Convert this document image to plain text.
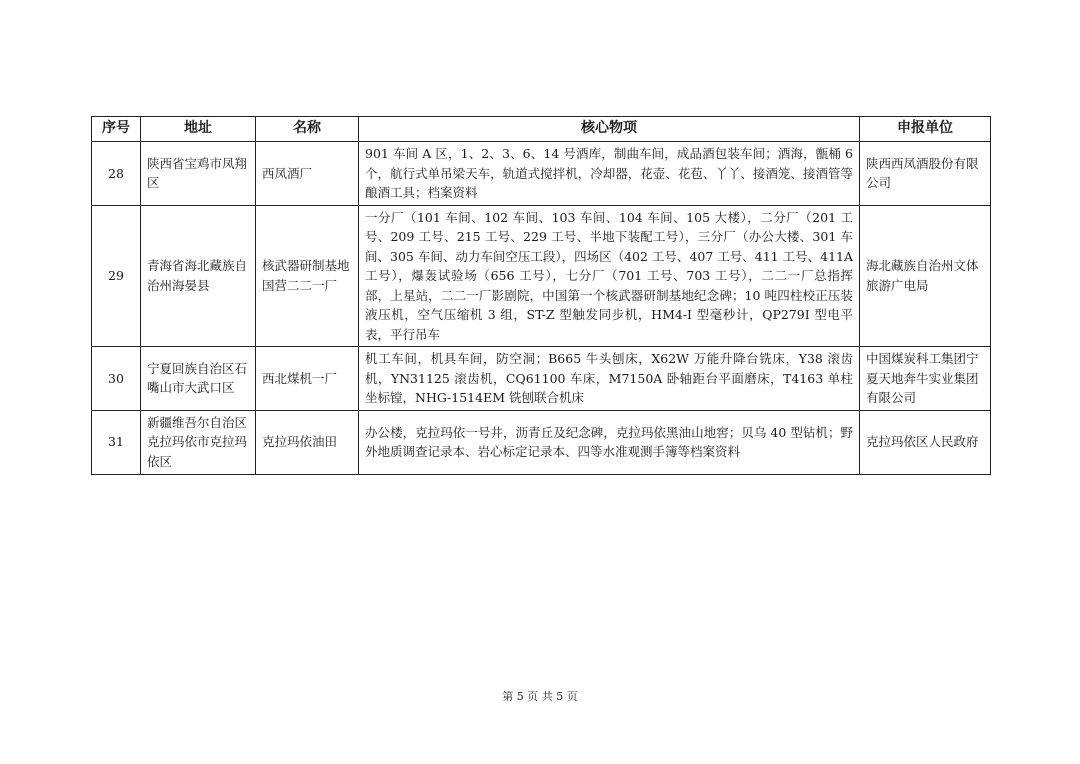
序号	地址	名称	核心物项	申报单位
28	陕西省宝鸡市凤翔区	西凤酒厂	901 车间 A 区，1、2、3、6、14 号酒库，制曲车间，成品酒包装车间；酒海，甑桶 6 个，航行式单吊梁天车，轨道式搅拌机，冷却器，花壶、花苞、丫丫、接酒笼、接酒管等酿酒工具；档案资料	陕西西凤酒股份有限公司
29	青海省海北藏族自治州海晏县	核武器研制基地国营二二一厂	一分厂（101 车间、102 车间、103 车间、104 车间、105 大楼），二分厂（201 工号、209 工号、215 工号、229 工号、半地下装配工号），三分厂（办公大楼、301 车间、305 车间、动力车间空压工段），四场区（402 工号、407 工号、411 工号、411A 工号），爆轰试验场（656 工号），七分厂（701 工号、703 工号），二二一厂总指挥部，上星站，二二一厂影剧院，中国第一个核武器研制基地纪念碑；10 吨四柱校正压装液压机，空气压缩机 3 组，ST-Z 型触发同步机，HM4-I 型毫秒计，QP279I 型电平表，平行吊车	海北藏族自治州文体旅游广电局
30	宁夏回族自治区石嘴山市大武口区	西北煤机一厂	机工车间，机具车间，防空洞；B665 牛头刨床，X62W 万能升降台铣床，Y38 滚齿机，YN31125 滚齿机，CQ61100 车床，M7150A 卧轴距台平面磨床，T4163 单柱坐标镗，NHG-1514EM 铣刨联合机床	中国煤炭科工集团宁夏天地奔牛实业集团有限公司
31	新疆维吾尔自治区克拉玛依市克拉玛依区	克拉玛依油田	办公楼，克拉玛依一号井，沥青丘及纪念碑，克拉玛依黑油山地窖；贝乌 40 型钻机；野外地质调查记录本、岩心标定记录本、四等水准观测手簿等档案资料	克拉玛依区人民政府
第 5 页 共 5 页
